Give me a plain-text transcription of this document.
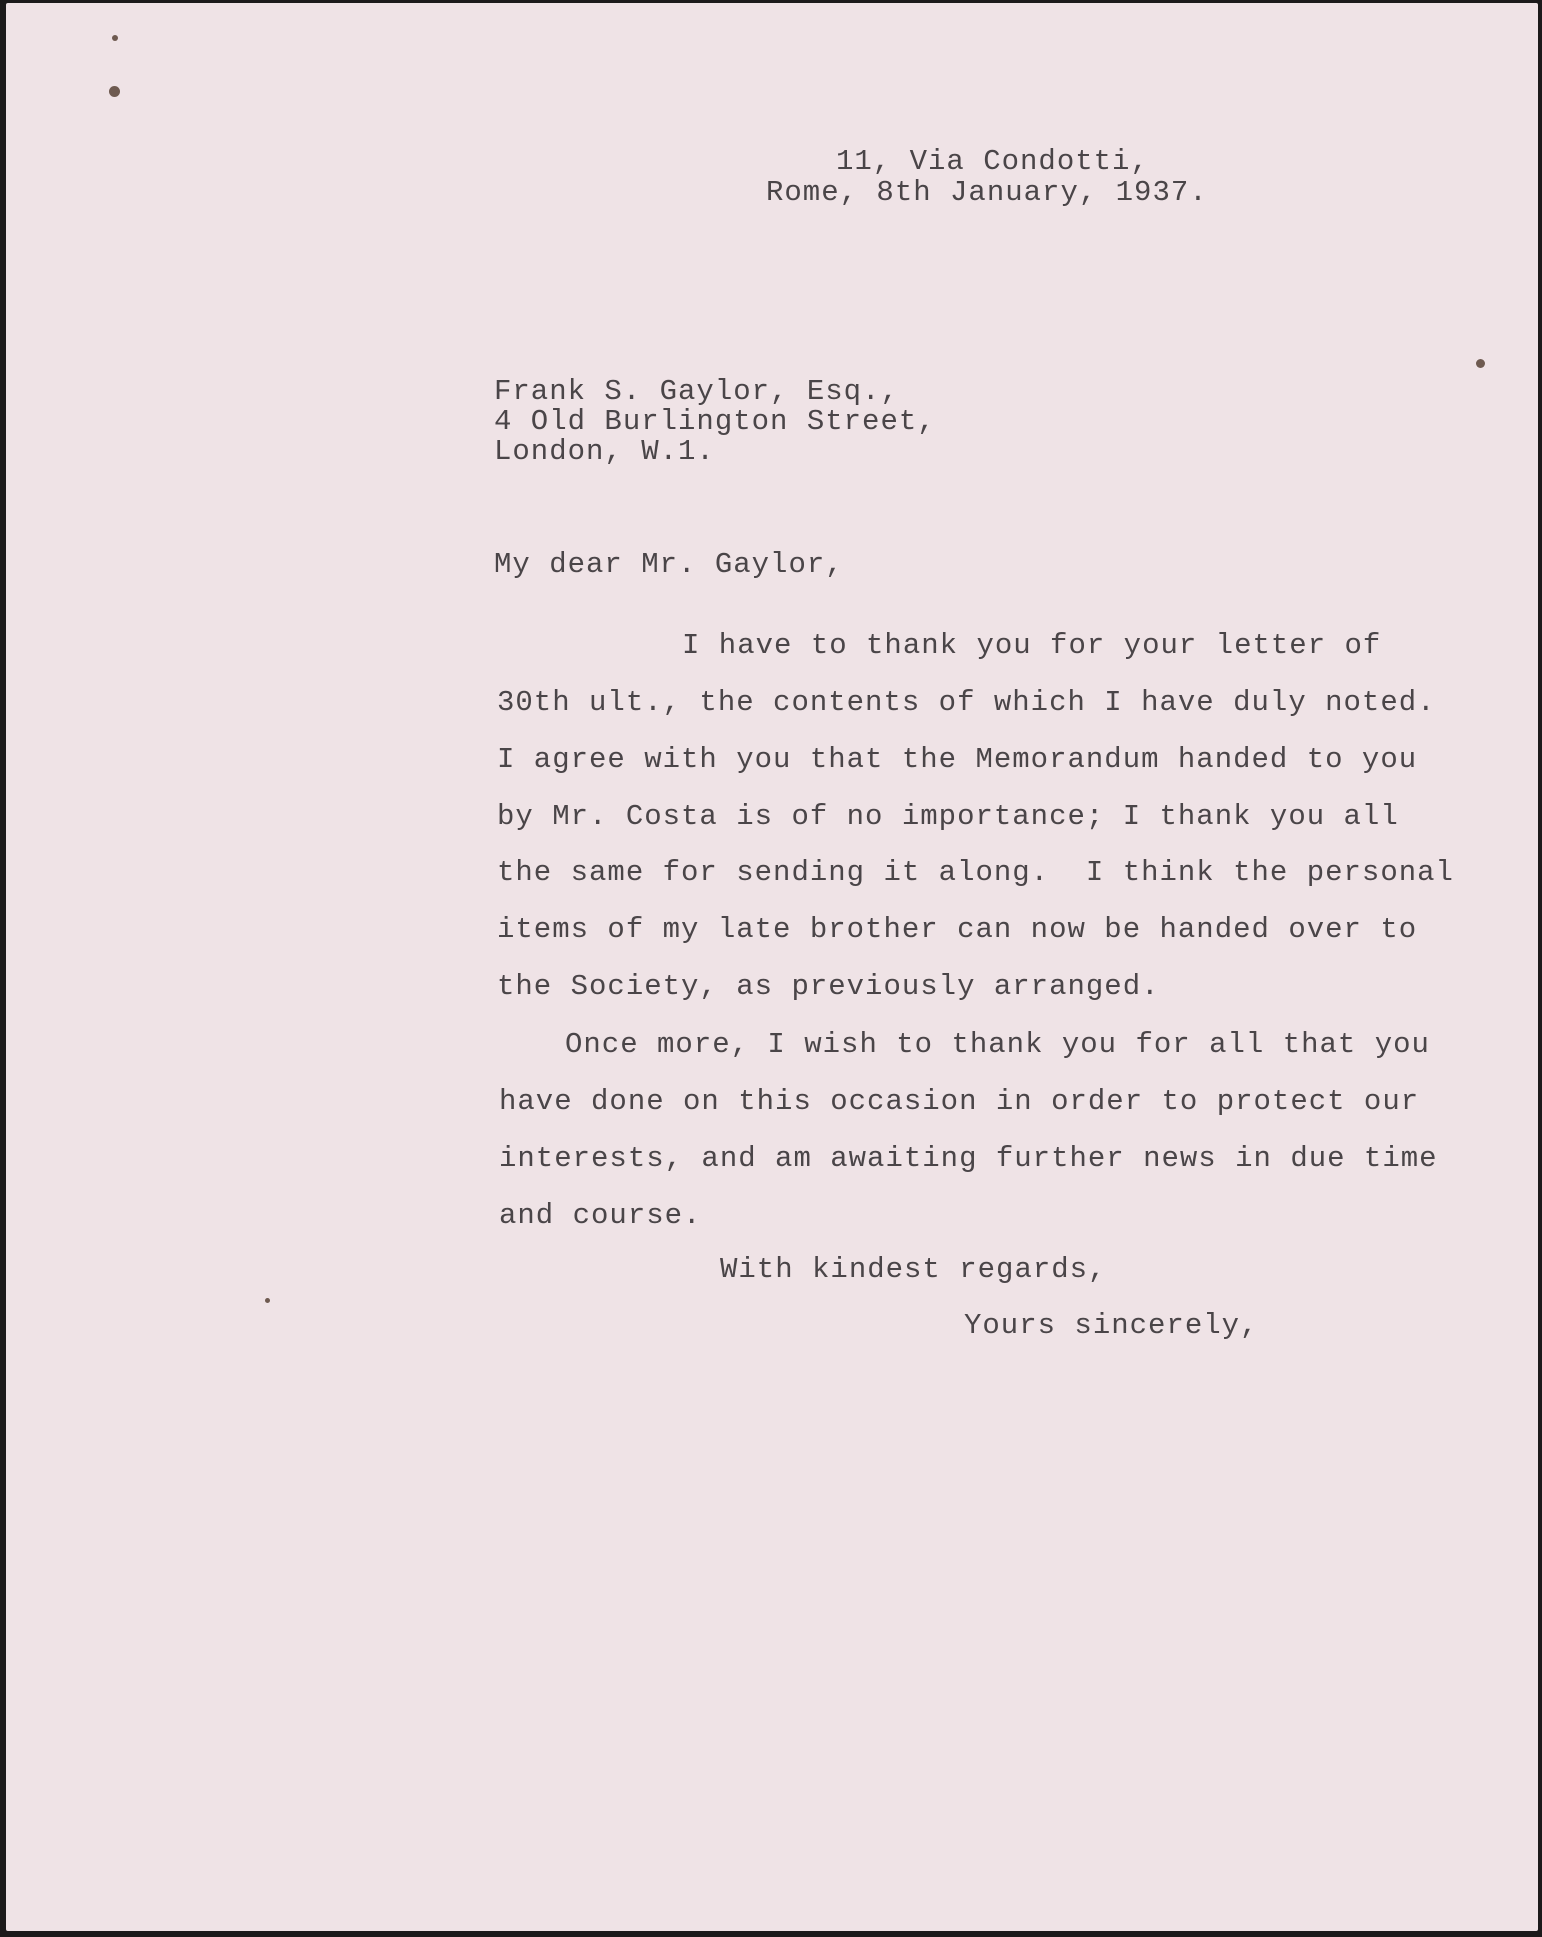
11, Via Condotti,
Rome, 8th January, 1937.
Frank S. Gaylor, Esq.,
4 Old Burlington Street,
London, W.1.
My dear Mr. Gaylor,
I have to thank you for your letter of
30th ult., the contents of which I have duly noted.
I agree with you that the Memorandum handed to you
by Mr. Costa is of no importance; I thank you all
the same for sending it along.  I think the personal
items of my late brother can now be handed over to
the Society, as previously arranged.
Once more, I wish to thank you for all that you
have done on this occasion in order to protect our
interests, and am awaiting further news in due time
and course.
With kindest regards,
Yours sincerely,
